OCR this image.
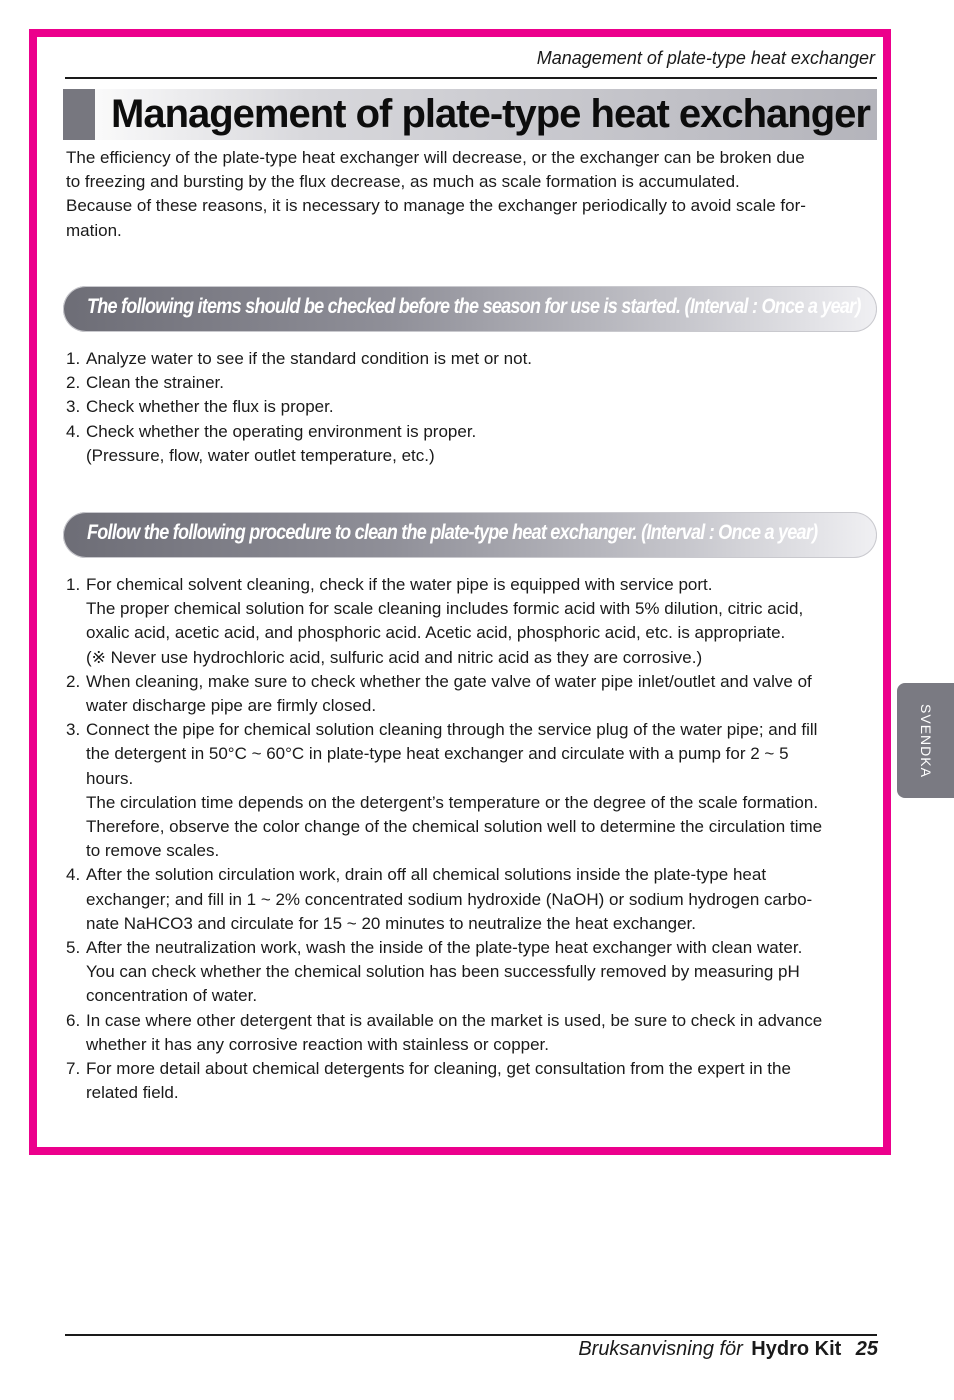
Management of plate-type heat exchanger
Management of plate-type heat exchanger

The efficiency of the plate-type heat exchanger will decrease, or the exchanger can be broken due

to freezing and bursting by the flux decrease, as much as scale formation is accumulated.

Because of these reasons, it is necessary to manage the exchanger periodically to avoid scale for-

mation.

The following items should be checked before the season for use is started. (Interval : Once a year)
1. Analyze water to see if the standard condition is met or not.
2. Clean the strainer.
3. Check whether the flux is proper.
4. Check whether the operating environment is proper.
(Pressure, flow, water outlet temperature, etc.)
Follow the following procedure to clean the plate-type heat exchanger. (Interval : Once a year)
1. For chemical solvent cleaning, check if the water pipe is equipped with service port.
The proper chemical solution for scale cleaning includes formic acid with 5% dilution, citric acid,
oxalic acid, acetic acid, and phosphoric acid. Acetic acid, phosphoric acid, etc. is appropriate.
(※ Never use hydrochloric acid, sulfuric acid and nitric acid as they are corrosive.)
2. When cleaning, make sure to check whether the gate valve of water pipe inlet/outlet and valve of
water discharge pipe are firmly closed.
3. Connect the pipe for chemical solution cleaning through the service plug of the water pipe; and fill
the detergent in 50°C ~ 60°C in plate-type heat exchanger and circulate with a pump for 2 ~ 5
hours.
The circulation time depends on the detergent’s temperature or the degree of the scale formation.
Therefore, observe the color change of the chemical solution well to determine the circulation time
to remove scales.
4. After the solution circulation work, drain off all chemical solutions inside the plate-type heat
exchanger; and fill in 1 ~ 2% concentrated sodium hydroxide (NaOH) or sodium hydrogen carbo-
nate NaHCO3 and circulate for 15 ~ 20 minutes to neutralize the heat exchanger.
5. After the neutralization work, wash the inside of the plate-type heat exchanger with clean water.
You can check whether the chemical solution has been successfully removed by measuring pH
concentration of water.
6. In case where other detergent that is available on the market is used, be sure to check in advance
whether it has any corrosive reaction with stainless or copper.
7. For more detail about chemical detergents for cleaning, get consultation from the expert in the
related field.
SVENDKA
Bruksanvisning för Hydro Kit 25
